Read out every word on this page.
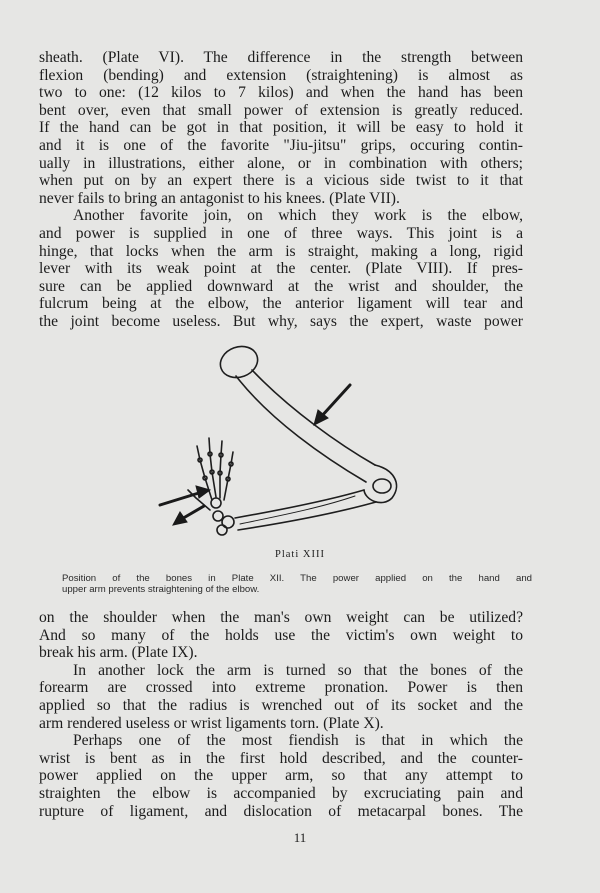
sheath. (Plate VI). The difference in the strength between
flexion (bending) and extension (straightening) is almost as
two to one: (12 kilos to 7 kilos) and when the hand has been
bent over, even that small power of extension is greatly reduced.
If the hand can be got in that position, it will be easy to hold it
and it is one of the favorite "Jiu-jitsu" grips, occuring contin-
ually in illustrations, either alone, or in combination with others;
when put on by an expert there is a vicious side twist to it that
never fails to bring an antagonist to his knees. (Plate VII).
Another favorite join, on which they work is the elbow,
and power is supplied in one of three ways. This joint is a
hinge, that locks when the arm is straight, making a long, rigid
lever with its weak point at the center. (Plate VIII). If pres-
sure can be applied downward at the wrist and shoulder, the
fulcrum being at the elbow, the anterior ligament will tear and
the joint become useless. But why, says the expert, waste power
Plati XIII
Position of the bones in Plate XII. The power applied on the hand and
upper arm prevents straightening of the elbow.
on the shoulder when the man's own weight can be utilized?
And so many of the holds use the victim's own weight to
break his arm. (Plate IX).
In another lock the arm is turned so that the bones of the
forearm are crossed into extreme pronation. Power is then
applied so that the radius is wrenched out of its socket and the
arm rendered useless or wrist ligaments torn. (Plate X).
Perhaps one of the most fiendish is that in which the
wrist is bent as in the first hold described, and the counter-
power applied on the upper arm, so that any attempt to
straighten the elbow is accompanied by excruciating pain and
rupture of ligament, and dislocation of metacarpal bones. The
11
